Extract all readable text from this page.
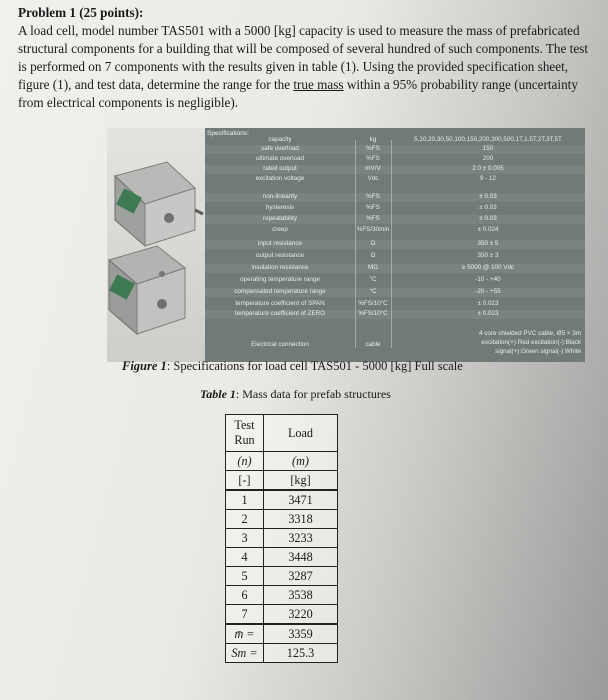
Problem 1 (25 points):
A load cell, model number TAS501 with a 5000 [kg] capacity is used to measure the mass of prefabricated structural components for a building that will be composed of several hundred of such components. The test is performed on 7 components with the results given in table (1). Using the provided specification sheet, figure (1), and test data, determine the range for the true mass within a 95% probability range (uncertainty from electrical components is negligible).
Specifications:
capacity	kg	5,10,20,30,50,100,150,200,300,500,1T,1.5T,2T,3T,5T
safe overload	%FS	150
ultimate overload	%FS	200
rated output	mV/V	2.0 ± 0.005
excitation voltage	Vdc	9 - 12
non-linearity	%FS	± 0.03
hysteresis	%FS	± 0.03
repeatability	%FS	± 0.03
creep	%FS/30min	± 0.024
input resistance	Ω	350 ± 5
output resistance	Ω	350 ± 3
insulation resistance	MΩ	≥ 5000 @ 100 Vdc
operating temperature range	°C	-10 - +40
compensated temperature range	°C	-20 - +55
temperature coefficient of SPAN	%FS/10°C	± 0.023
temperature coefficient of ZERO	%FS/10°C	± 0.023
Electrical connection	cable
4 core shielded PVC cable, Ø5 × 3m
excitation(+):Red excitation(-):Black
signal(+):Green signal(-):White
Figure 1: Specifications for load cell TAS501 - 5000 [kg] Full scale
Table 1: Mass data for prefab structures
Test
Run	Load
(n)	(m)
[-]	[kg]
1	3471
2	3318
3	3233
4	3448
5	3287
6	3538
7	3220
m̄ =	3359
Sm =	125.3
